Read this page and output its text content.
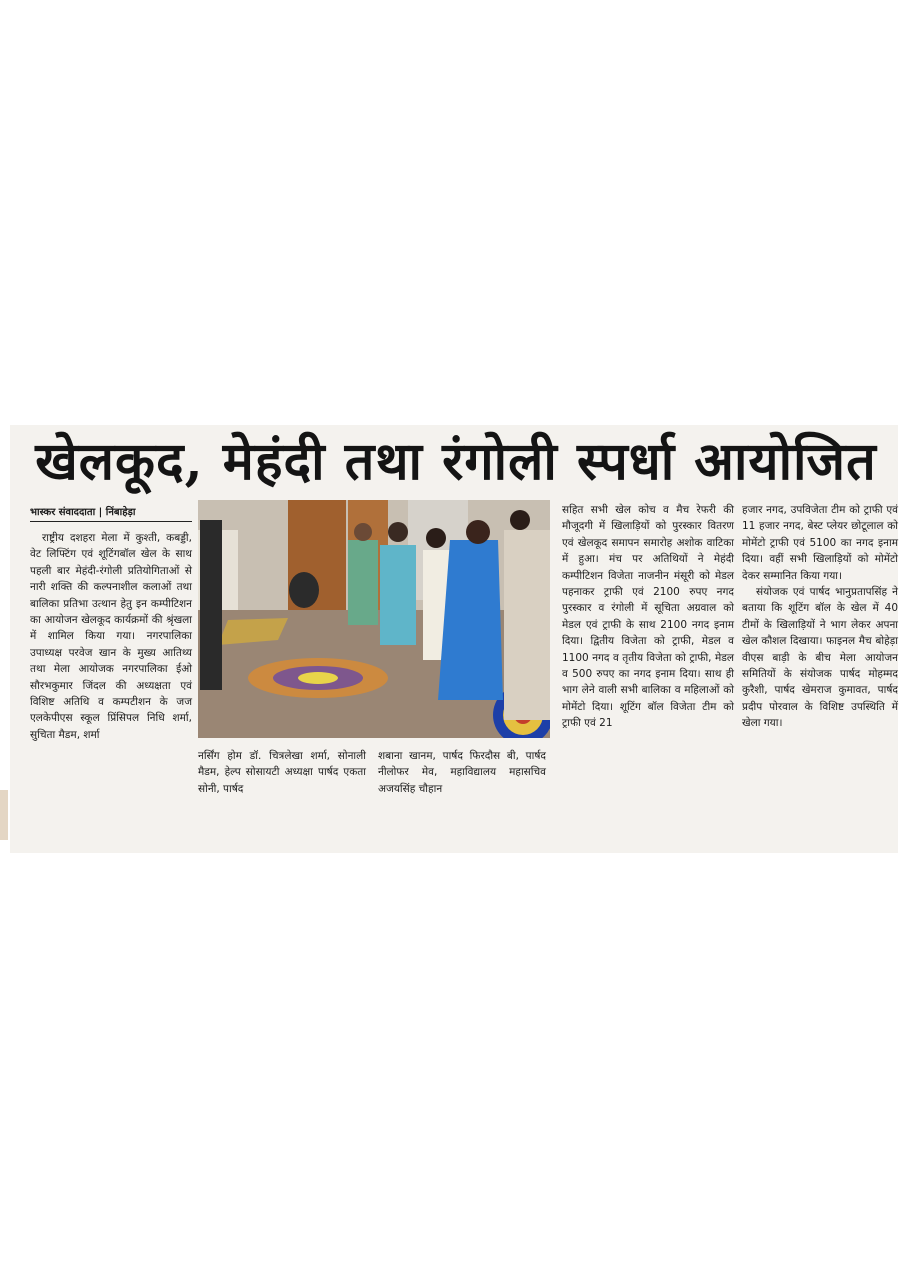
खेलकूद, मेहंदी तथा रंगोली स्पर्धा आयोजित
भास्कर संवाददाता | निंबाहेड़ा

राष्ट्रीय दशहरा मेला में कुश्ती, कबड्डी, वेट लिफ्टिंग एवं शूटिंगबॉल खेल के साथ पहली बार मेहंदी-रंगोली प्रतियोगिताओं से नारी शक्ति की कल्पनाशील कलाओं तथा बालिका प्रतिभा उत्थान हेतु इन कम्पीटिशन का आयोजन खेलकूद कार्यक्रमों की श्रृंखला में शामिल किया गया। नगरपालिका उपाध्यक्ष परवेज खान के मुख्य आतिथ्य तथा मेला आयोजक नगरपालिका ईओ सौरभकुमार जिंदल की अध्यक्षता एवं विशिष्ट अतिथि व कम्पटीशन के जज एलकेपीएस स्कूल प्रिंसिपल निधि शर्मा, सुचिता मैडम, शर्मा

नर्सिंग होम डॉ. चित्रलेखा शर्मा, सोनाली मैडम, हेल्प सोसायटी अध्यक्षा पार्षद एकता सोनी, पार्षद
शबाना खानम, पार्षद फिरदौस बी, पार्षद नीलोफर मेव, महाविद्यालय महासचिव अजयसिंह चौहान

सहित सभी खेल कोच व मैच रेफरी की मौजूदगी में खिलाड़ियों को पुरस्कार वितरण एवं खेलकूद समापन समारोह अशोक वाटिका में हुआ। मंच पर अतिथियों ने मेहंदी कम्पीटिशन विजेता नाजनीन मंसूरी को मेडल पहनाकर ट्राफी एवं 2100 रुपए नगद पुरस्कार व रंगोली में सूचिता अग्रवाल को मेडल एवं ट्राफी के साथ 2100 नगद इनाम दिया। द्वितीय विजेता को ट्राफी, मेडल व 1100 नगद व तृतीय विजेता को ट्राफी, मेडल व 500 रुपए का नगद इनाम दिया। साथ ही भाग लेने वाली सभी बालिका व महिलाओं को मोमेंटो दिया। शूटिंग बॉल विजेता टीम को ट्राफी एवं 21

हजार नगद, उपविजेता टीम को ट्राफी एवं 11 हजार नगद, बेस्ट प्लेयर छोटूलाल को मोमेंटो ट्राफी एवं 5100 का नगद इनाम दिया। वहीं सभी खिलाड़ियों को मोमेंटो देकर सम्मानित किया गया।

संयोजक एवं पार्षद भानुप्रतापसिंह ने बताया कि शूटिंग बॉल के खेल में 40 टीमों के खिलाड़ियों ने भाग लेकर अपना खेल कौशल दिखाया। फाइनल मैच बोहेड़ा वीएस बाड़ी के बीच मेला आयोजन समितियों के संयोजक पार्षद मोहम्मद कुरैशी, पार्षद खेमराज कुमावत, पार्षद प्रदीप पोरवाल के विशिष्ट उपस्थिति में खेला गया।
